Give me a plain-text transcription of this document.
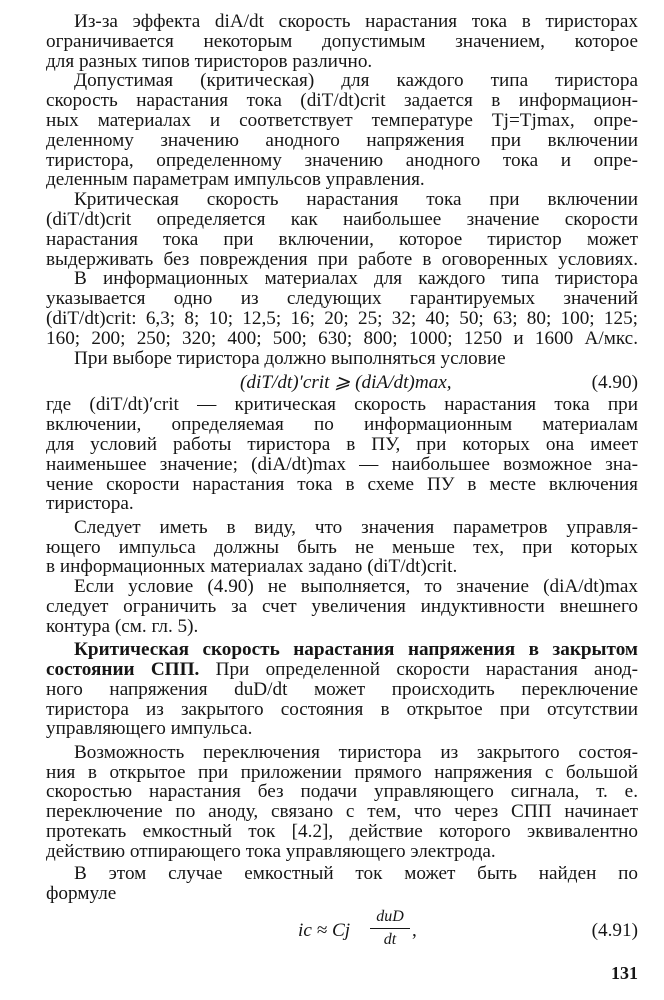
Из-за эффекта diA/dt скорость нарастания тока в тиристорах
ограничивается некоторым допустимым значением, которое
для разных типов тиристоров различно.
Допустимая (критическая) для каждого типа тиристора
скорость нарастания тока (diT/dt)crit задается в информацион-
ных материалах и соответствует температуре Tj=Tjmax, опре-
деленному значению анодного напряжения при включении
тиристора, определенному значению анодного тока и опре-
деленным параметрам импульсов управления.
Критическая скорость нарастания тока при включении
(diT/dt)crit определяется как наибольшее значение скорости
нарастания тока при включении, которое тиристор может
выдерживать без повреждения при работе в оговоренных условиях.
В информационных материалах для каждого типа тиристора
указывается одно из следующих гарантируемых значений
(diT/dt)crit: 6,3; 8; 10; 12,5; 16; 20; 25; 32; 40; 50; 63; 80; 100; 125;
160; 200; 250; 320; 400; 500; 630; 800; 1000; 1250 и 1600 А/мкс.
При выборе тиристора должно выполняться условие
(diT/dt)′crit ⩾ (diA/dt)max,	(4.90)
где (diT/dt)′crit — критическая скорость нарастания тока при
включении, определяемая по информационным материалам
для условий работы тиристора в ПУ, при которых она имеет
наименьшее значение; (diA/dt)max — наибольшее возможное зна-
чение скорости нарастания тока в схеме ПУ в месте включения
тиристора.
Следует иметь в виду, что значения параметров управля-
ющего импульса должны быть не меньше тех, при которых
в информационных материалах задано (diT/dt)crit.
Если условие (4.90) не выполняется, то значение (diA/dt)max
следует ограничить за счет увеличения индуктивности внешнего
контура (см. гл. 5).
Критическая скорость нарастания напряжения в закрытом
состоянии СПП. При определенной скорости нарастания анод-
ного напряжения duD/dt может происходить переключение
тиристора из закрытого состояния в открытое при отсутствии
управляющего импульса.
Возможность переключения тиристора из закрытого состоя-
ния в открытое при приложении прямого напряжения с большой
скоростью нарастания без подачи управляющего сигнала, т. е.
переключение по аноду, связано с тем, что через СПП начинает
протекать емкостный ток [4.2], действие которого эквивалентно
действию отпирающего тока управляющего электрода.
131
В этом случае емкостный ток может быть найден по
формуле
ic ≈ Cj
duD
dt ,	(4.91)
